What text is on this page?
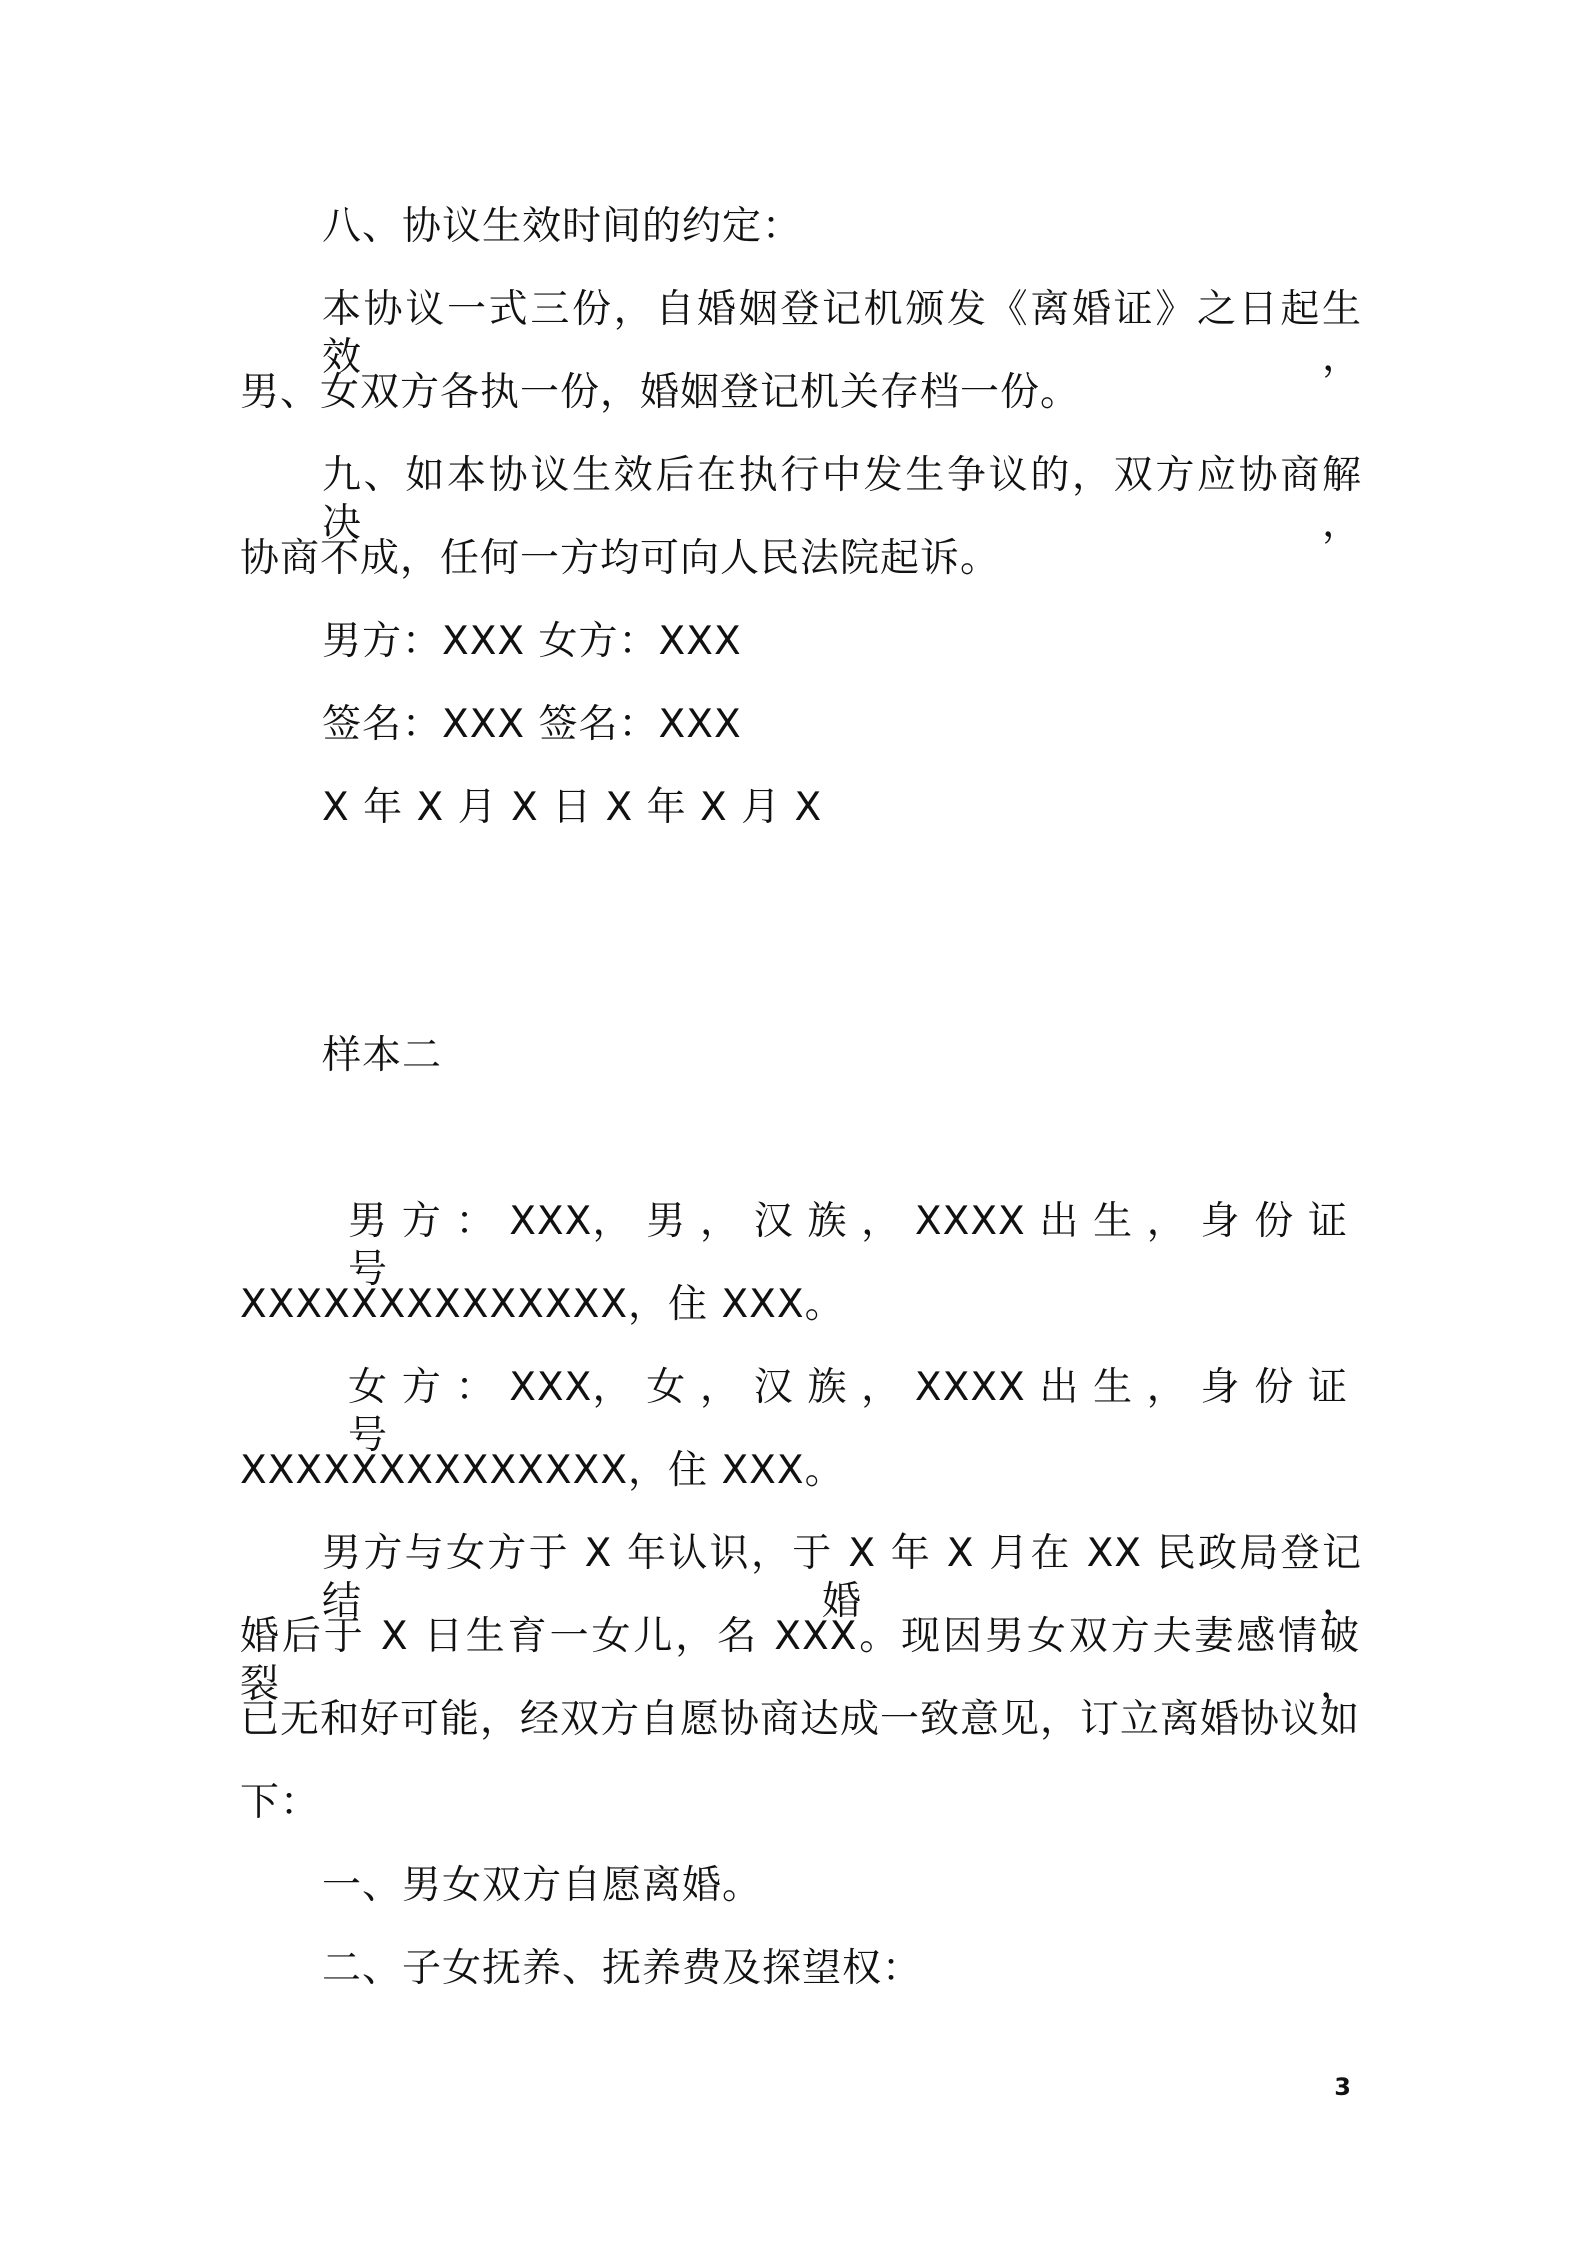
八、协议生效时间的约定：
本协议一式三份，自婚姻登记机颁发《离婚证》之日起生效，
男、女双方各执一份，婚姻登记机关存档一份。
九、如本协议生效后在执行中发生争议的，双方应协商解决，
协商不成，任何一方均可向人民法院起诉。
男方：XXX 女方：XXX
签名：XXX 签名：XXX
X 年 X 月 X 日 X 年 X 月 X
样本二
男 方 ： XXX， 男 ， 汉 族 ， XXXX 出 生 ， 身 份 证 号
XXXXXXXXXXXXXX，住 XXX。
女 方 ： XXX， 女 ， 汉 族 ， XXXX 出 生 ， 身 份 证 号
XXXXXXXXXXXXXX，住 XXX。
男方与女方于 X 年认识，于 X 年 X 月在 XX 民政局登记结婚，
婚后于 X 日生育一女儿，名 XXX。现因男女双方夫妻感情破裂，
已无和好可能，经双方自愿协商达成一致意见，订立离婚协议如
下：
一、男女双方自愿离婚。
二、子女抚养、抚养费及探望权：
3
